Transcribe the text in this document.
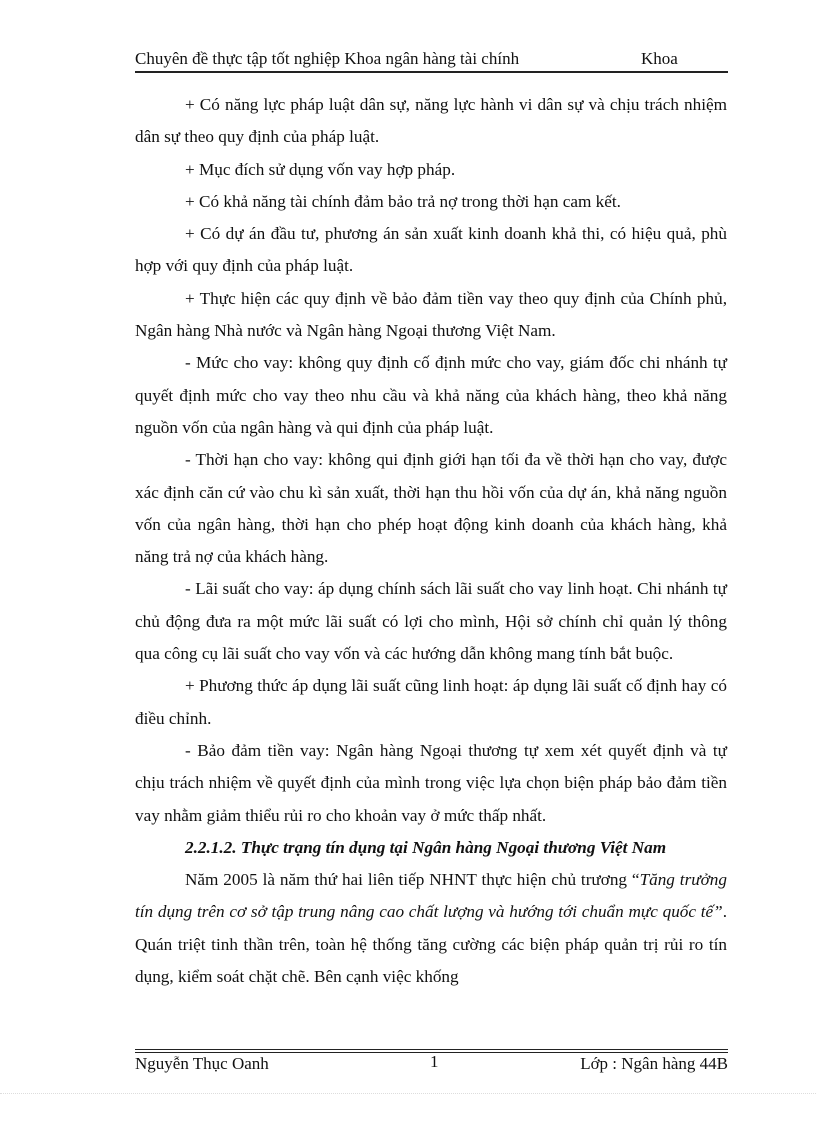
Chuyên đề thực tập tốt nghiệp Khoa ngân hàng tài chính	Khoa

+ Có năng lực pháp luật dân sự, năng lực hành vi dân sự và chịu trách nhiệm dân sự theo quy định của pháp luật.

+ Mục đích sử dụng vốn vay hợp pháp.

+ Có khả năng tài chính đảm bảo trả nợ trong thời hạn cam kết.

+ Có dự án đầu tư, phương án sản xuất kinh doanh khả thi, có hiệu quả, phù hợp với quy định của pháp luật.

+ Thực hiện các quy định về bảo đảm tiền vay theo quy định của Chính phủ, Ngân hàng Nhà nước và Ngân hàng Ngoại thương Việt Nam.

- Mức cho vay: không quy định cố định mức cho vay, giám đốc chi nhánh tự quyết định mức cho vay theo nhu cầu và khả năng của khách hàng, theo khả năng nguồn vốn của ngân hàng và qui định của pháp luật.

- Thời hạn cho vay: không qui định giới hạn tối đa về thời hạn cho vay, được xác định căn cứ vào chu kì sản xuất, thời hạn thu hồi vốn của dự án, khả năng nguồn vốn của ngân hàng, thời hạn cho phép hoạt động kinh doanh của khách hàng, khả năng trả nợ của khách hàng.

- Lãi suất cho vay: áp dụng chính sách lãi suất cho vay linh hoạt. Chi nhánh tự chủ động đưa ra một mức lãi suất có lợi cho mình, Hội sở chính chỉ quản lý thông qua công cụ lãi suất cho vay vốn và các hướng dẫn không mang tính bắt buộc.

+ Phương thức áp dụng lãi suất cũng linh hoạt: áp dụng lãi suất cố định hay có điều chỉnh.

- Bảo đảm tiền vay: Ngân hàng Ngoại thương tự xem xét quyết định và tự chịu trách nhiệm về quyết định của mình trong việc lựa chọn biện pháp bảo đảm tiền vay nhằm giảm thiểu rủi ro cho khoản vay ở mức thấp nhất.

2.2.1.2. Thực trạng tín dụng tại Ngân hàng Ngoại thương Việt Nam

Năm 2005 là năm thứ hai liên tiếp NHNT thực hiện chủ trương “Tăng trưởng tín dụng trên cơ sở tập trung nâng cao chất lượng và hướng tới chuẩn mực quốc tế”. Quán triệt tinh thần trên, toàn hệ thống tăng cường các biện pháp quản trị rủi ro tín dụng, kiểm soát chặt chẽ. Bên cạnh việc khống

Nguyễn Thục Oanh	1	Lớp : Ngân hàng 44B
